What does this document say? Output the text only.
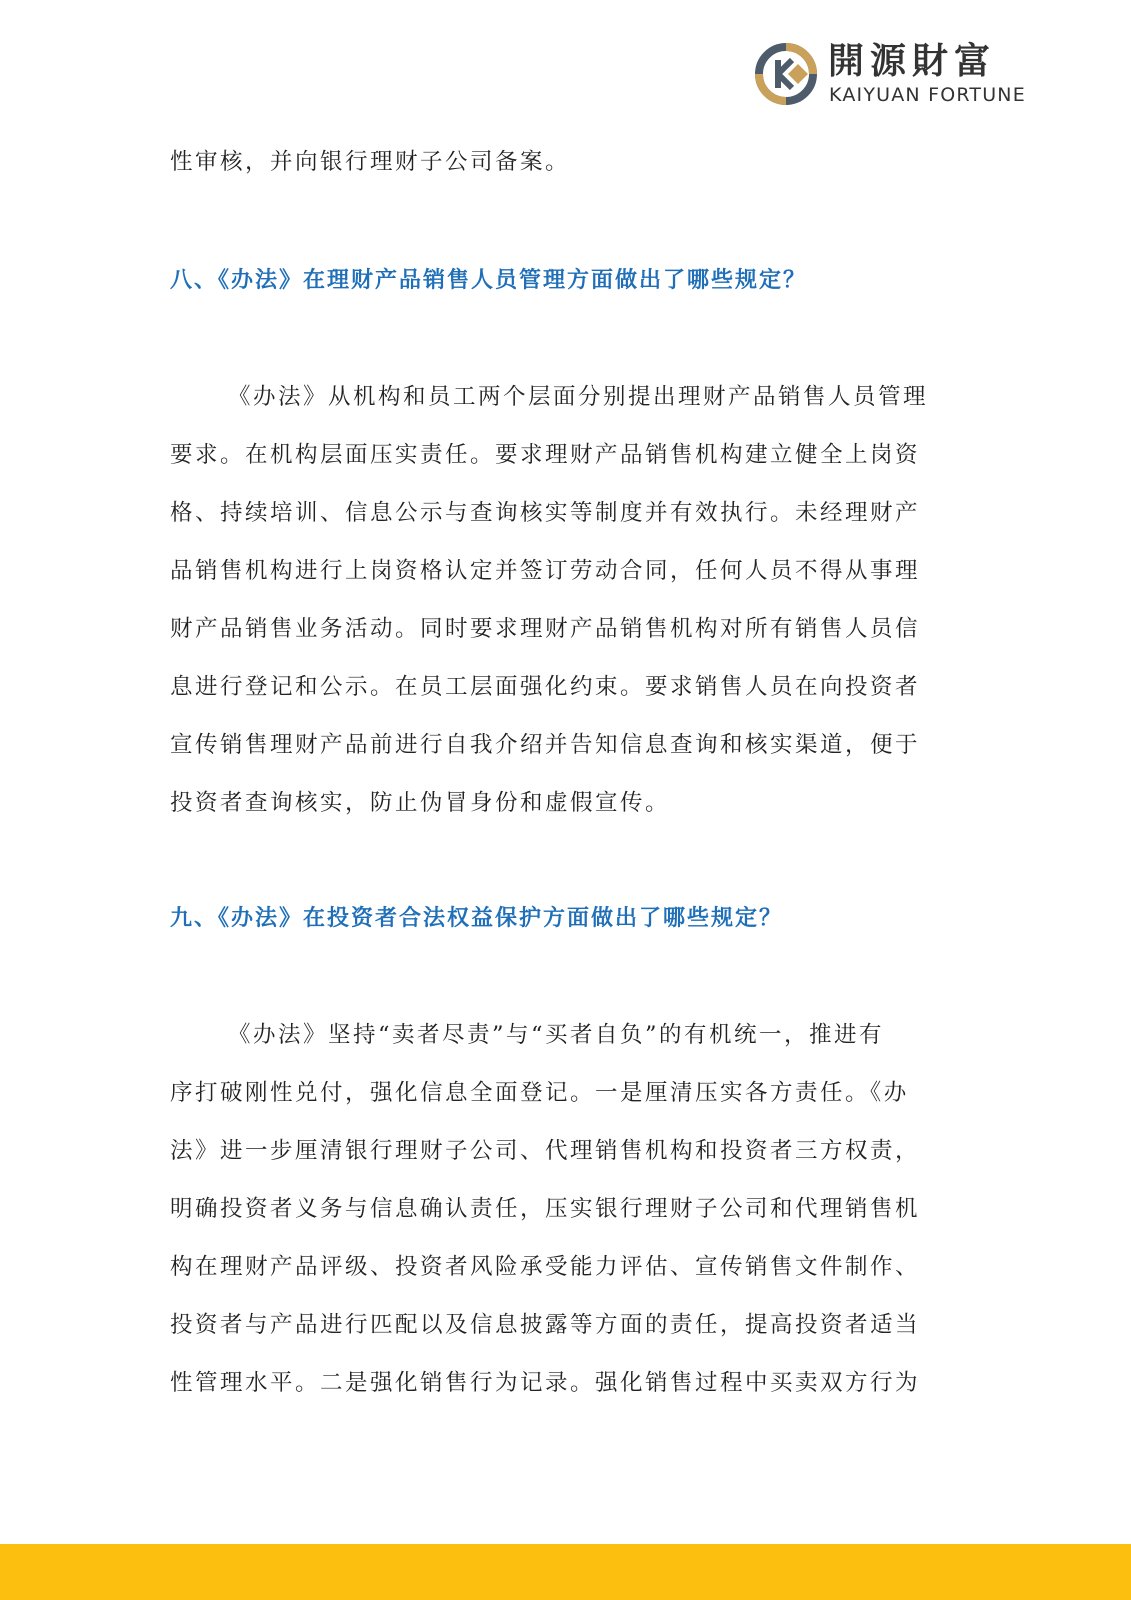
開源財富
KAIYUAN FORTUNE
性审核，并向银行理财子公司备案。
八、《办法》在理财产品销售人员管理方面做出了哪些规定？
《办法》从机构和员工两个层面分别提出理财产品销售人员管理
要求。在机构层面压实责任。要求理财产品销售机构建立健全上岗资
格、持续培训、信息公示与查询核实等制度并有效执行。未经理财产
品销售机构进行上岗资格认定并签订劳动合同，任何人员不得从事理
财产品销售业务活动。同时要求理财产品销售机构对所有销售人员信
息进行登记和公示。在员工层面强化约束。要求销售人员在向投资者
宣传销售理财产品前进行自我介绍并告知信息查询和核实渠道，便于
投资者查询核实，防止伪冒身份和虚假宣传。
九、《办法》在投资者合法权益保护方面做出了哪些规定？
《办法》坚持“卖者尽责”与“买者自负”的有机统一，推进有
序打破刚性兑付，强化信息全面登记。一是厘清压实各方责任。《办
法》进一步厘清银行理财子公司、代理销售机构和投资者三方权责，
明确投资者义务与信息确认责任，压实银行理财子公司和代理销售机
构在理财产品评级、投资者风险承受能力评估、宣传销售文件制作、
投资者与产品进行匹配以及信息披露等方面的责任，提高投资者适当
性管理水平。二是强化销售行为记录。强化销售过程中买卖双方行为
